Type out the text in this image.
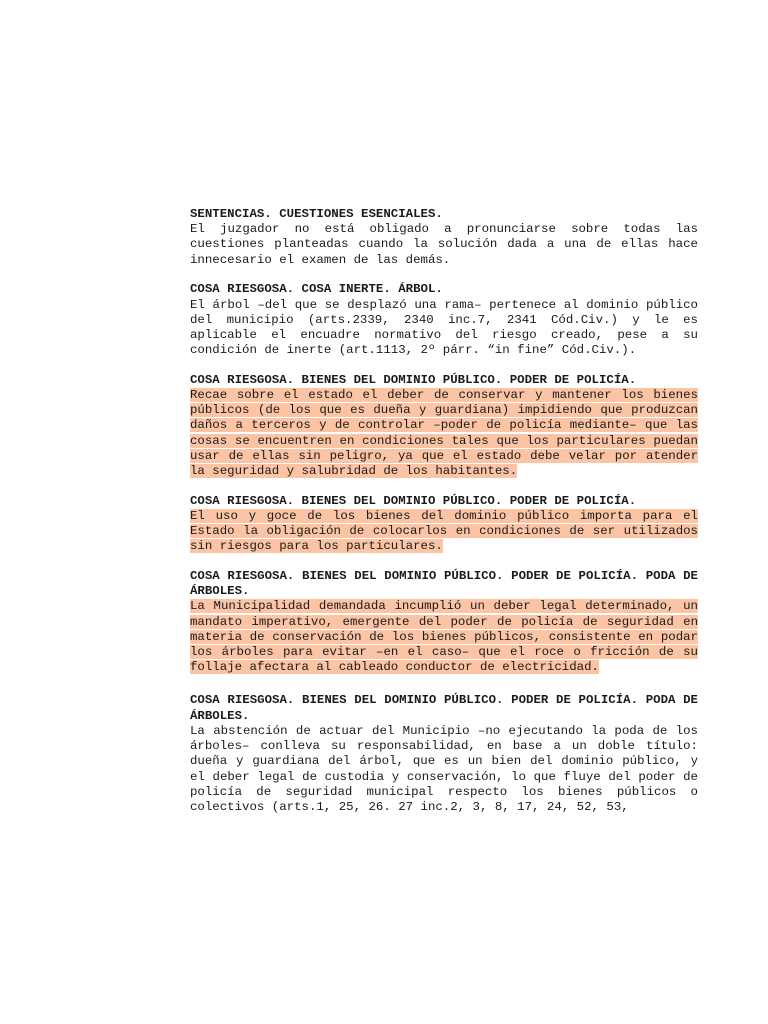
SENTENCIAS. CUESTIONES ESENCIALES.

El juzgador no está obligado a pronunciarse sobre todas las cuestiones planteadas cuando la solución dada a una de ellas hace innecesario el examen de las demás.

COSA RIESGOSA. COSA INERTE. ÁRBOL.

El árbol –del que se desplazó una rama– pertenece al dominio público del municipio (arts.2339, 2340 inc.7, 2341 Cód.Civ.) y le es aplicable el encuadre normativo del riesgo creado, pese a su condición de inerte (art.1113, 2º párr. “in fine” Cód.Civ.).

COSA RIESGOSA. BIENES DEL DOMINIO PÚBLICO. PODER DE POLICÍA.

Recae sobre el estado el deber de conservar y mantener los bienes públicos (de los que es dueña y guardiana) impidiendo que produzcan daños a terceros y de controlar –poder de policía mediante– que las cosas se encuentren en condiciones tales que los particulares puedan usar de ellas sin peligro, ya que el estado debe velar por atender la seguridad y salubridad de los habitantes.

COSA RIESGOSA. BIENES DEL DOMINIO PÚBLICO. PODER DE POLICÍA.

El uso y goce de los bienes del dominio público importa para el Estado la obligación de colocarlos en condiciones de ser utilizados sin riesgos para los particulares.

COSA RIESGOSA. BIENES DEL DOMINIO PÚBLICO. PODER DE POLICÍA. PODA DE ÁRBOLES.

La Municipalidad demandada incumplió un deber legal determinado, un mandato imperativo, emergente del poder de policía de seguridad en materia de conservación de los bienes públicos, consistente en podar los árboles para evitar –en el caso– que el roce o fricción de su follaje afectara al cableado conductor de electricidad.

COSA RIESGOSA. BIENES DEL DOMINIO PÚBLICO. PODER DE POLICÍA. PODA DE ÁRBOLES.

La abstención de actuar del Municipio –no ejecutando la poda de los árboles– conlleva su responsabilidad, en base a un doble título: dueña y guardiana del árbol, que es un bien del dominio público, y el deber legal de custodia y conservación, lo que fluye del poder de policía de seguridad municipal respecto los bienes públicos o colectivos (arts.1, 25, 26. 27 inc.2, 3, 8, 17, 24, 52, 53,
